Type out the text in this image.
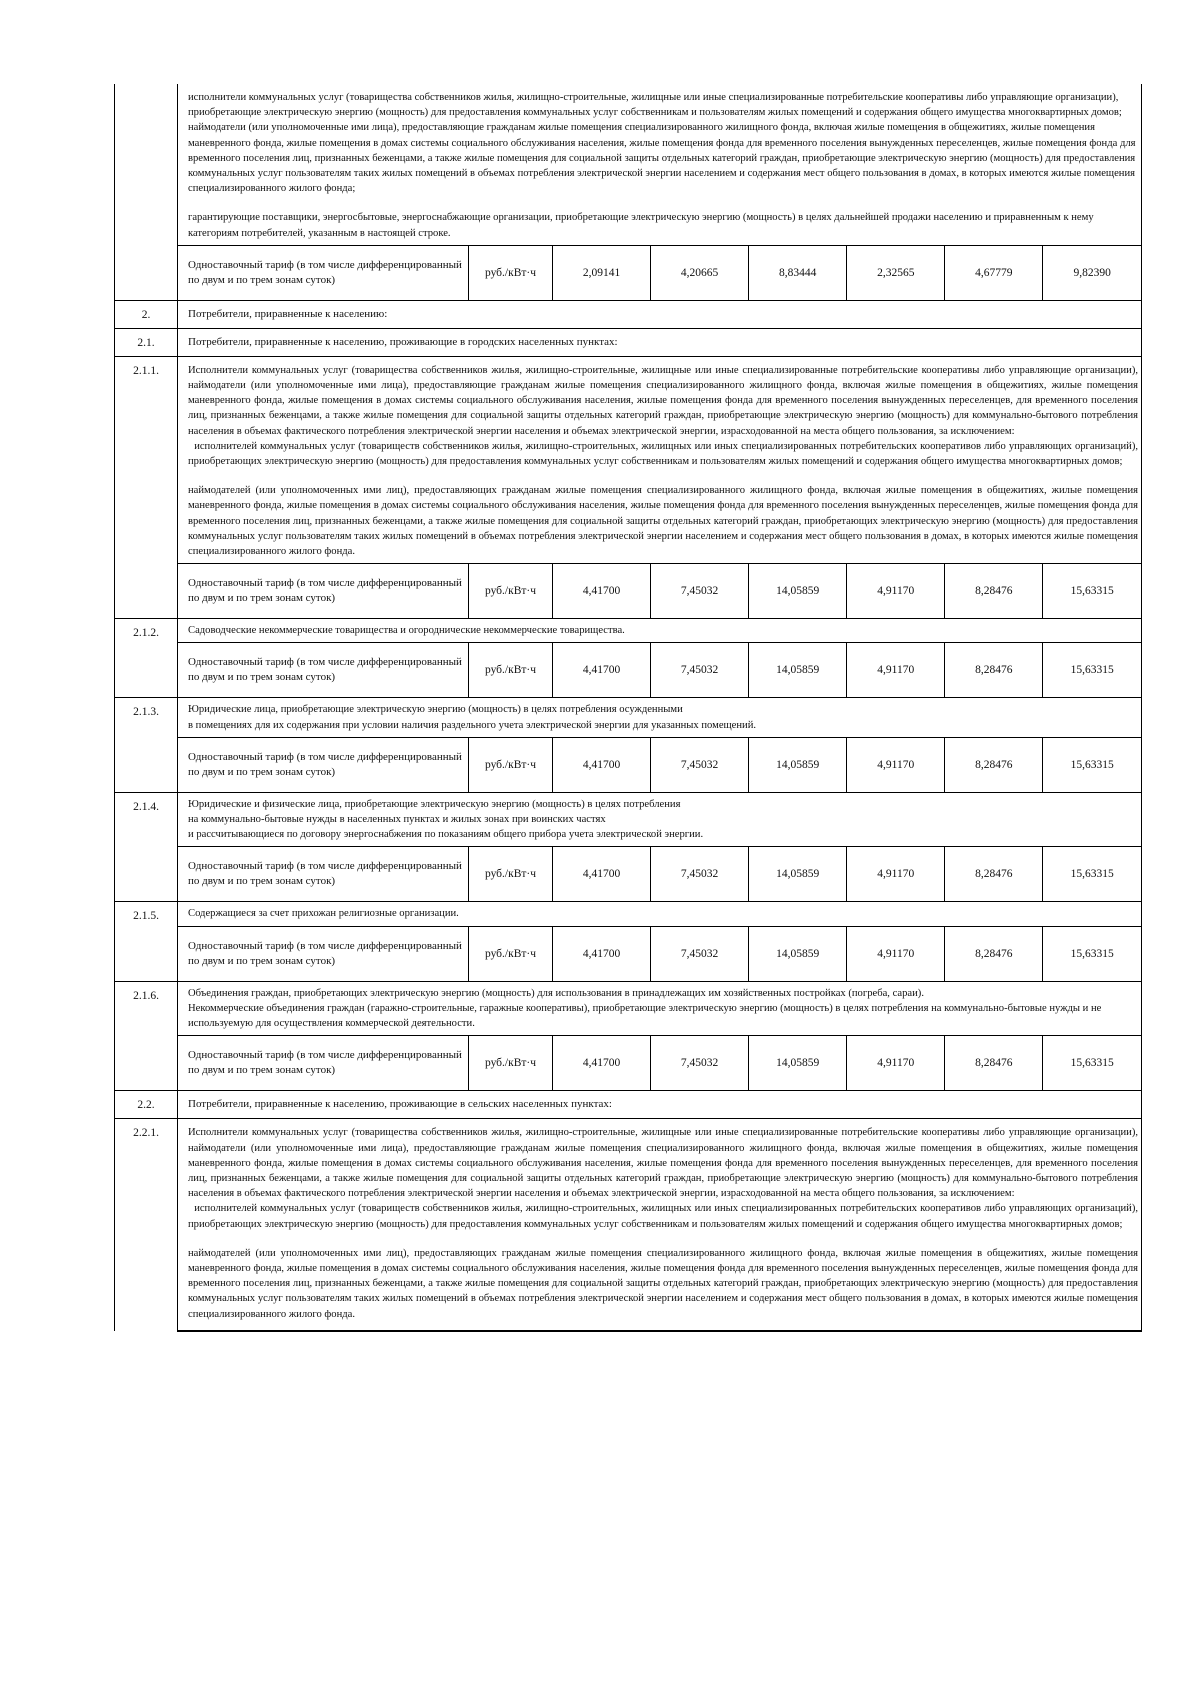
исполнители коммунальных услуг (товарищества собственников жилья, жилищно-строительные, жилищные или иные специализированные потребительские кооперативы либо управляющие организации), приобретающие электрическую энергию (мощность) для предоставления коммунальных услуг собственникам и пользователям жилых помещений и содержания общего имущества многоквартирных домов;

наймодатели (или уполномоченные ими лица), предоставляющие гражданам жилые помещения специализированного жилищного фонда, включая жилые помещения в общежитиях, жилые помещения маневренного фонда, жилые помещения в домах системы социального обслуживания населения, жилые помещения фонда для временного поселения вынужденных переселенцев, жилые помещения фонда для временного поселения лиц, признанных беженцами, а также жилые помещения для социальной защиты отдельных категорий граждан, приобретающие электрическую энергию (мощность) для предоставления коммунальных услуг пользователям таких жилых помещений в объемах потребления электрической энергии населением и содержания мест общего пользования в домах, в которых имеются жилые помещения специализированного жилого фонда;

гарантирующие поставщики, энергосбытовые, энергоснабжающие организации, приобретающие электрическую энергию (мощность) в целях дальнейшей продажи населению и приравненным к нему категориям потребителей, указанным в настоящей строке.

Одноставочный тариф (в том числе дифференцированный по двум и по трем зонам суток)	руб./кВт·ч	2,09141	4,20665	8,83444	2,32565	4,67779	9,82390

2.	Потребители, приравненные к населению:

2.1.	Потребители, приравненные к населению, проживающие в городских населенных пунктах:

2.1.1.	Исполнители коммунальных услуг (товарищества собственников жилья, жилищно-строительные, жилищные или иные специализированные потребительские кооперативы либо управляющие организации), наймодатели (или уполномоченные ими лица), предоставляющие гражданам жилые помещения специализированного жилищного фонда, включая жилые помещения в общежитиях, жилые помещения маневренного фонда, жилые помещения в домах системы социального обслуживания населения, жилые помещения фонда для временного поселения вынужденных переселенцев, для временного поселения лиц, признанных беженцами, а также жилые помещения для социальной защиты отдельных категорий граждан, приобретающие электрическую энергию (мощность) для коммунально-бытового потребления населения в объемах фактического потребления электрической энергии населения и объемах электрической энергии, израсходованной на места общего пользования, за исключением:

исполнителей коммунальных услуг (товариществ собственников жилья, жилищно-строительных, жилищных или иных специализированных потребительских кооперативов либо управляющих организаций), приобретающих электрическую энергию (мощность) для предоставления коммунальных услуг собственникам и пользователям жилых помещений и содержания общего имущества многоквартирных домов;

наймодателей (или уполномоченных ими лиц), предоставляющих гражданам жилые помещения специализированного жилищного фонда, включая жилые помещения в общежитиях, жилые помещения маневренного фонда, жилые помещения в домах системы социального обслуживания населения, жилые помещения фонда для временного поселения вынужденных переселенцев, жилые помещения фонда для временного поселения лиц, признанных беженцами, а также жилые помещения для социальной защиты отдельных категорий граждан, приобретающих электрическую энергию (мощность) для предоставления коммунальных услуг пользователям таких жилых помещений в объемах потребления электрической энергии населением и содержания мест общего пользования в домах, в которых имеются жилые помещения специализированного жилого фонда.

Одноставочный тариф (в том числе дифференцированный по двум и по трем зонам суток)	руб./кВт·ч	4,41700	7,45032	14,05859	4,91170	8,28476	15,63315

2.1.2.	Садоводческие некоммерческие товарищества и огороднические некоммерческие товарищества.

Одноставочный тариф (в том числе дифференцированный по двум и по трем зонам суток)	руб./кВт·ч	4,41700	7,45032	14,05859	4,91170	8,28476	15,63315

2.1.3.	Юридические лица, приобретающие электрическую энергию (мощность) в целях потребления осужденными

в помещениях для их содержания при условии наличия раздельного учета электрической энергии для указанных помещений.

Одноставочный тариф (в том числе дифференцированный по двум и по трем зонам суток)	руб./кВт·ч	4,41700	7,45032	14,05859	4,91170	8,28476	15,63315

2.1.4.	Юридические и физические лица, приобретающие электрическую энергию (мощность) в целях потребления

на коммунально-бытовые нужды в населенных пунктах и жилых зонах при воинских частях

и рассчитывающиеся по договору энергоснабжения по показаниям общего прибора учета электрической энергии.

Одноставочный тариф (в том числе дифференцированный по двум и по трем зонам суток)	руб./кВт·ч	4,41700	7,45032	14,05859	4,91170	8,28476	15,63315

2.1.5.	Содержащиеся за счет прихожан религиозные организации.

Одноставочный тариф (в том числе дифференцированный по двум и по трем зонам суток)	руб./кВт·ч	4,41700	7,45032	14,05859	4,91170	8,28476	15,63315

2.1.6.	Объединения граждан, приобретающих электрическую энергию (мощность) для использования в принадлежащих им хозяйственных постройках (погреба, сараи).

Некоммерческие объединения граждан (гаражно-строительные, гаражные кооперативы), приобретающие электрическую энергию (мощность) в целях потребления на коммунально-бытовые нужды и не используемую для осуществления коммерческой деятельности.

Одноставочный тариф (в том числе дифференцированный по двум и по трем зонам суток)	руб./кВт·ч	4,41700	7,45032	14,05859	4,91170	8,28476	15,63315

2.2.	Потребители, приравненные к населению, проживающие в сельских населенных пунктах:

2.2.1.	Исполнители коммунальных услуг (товарищества собственников жилья, жилищно-строительные, жилищные или иные специализированные потребительские кооперативы либо управляющие организации), наймодатели (или уполномоченные ими лица), предоставляющие гражданам жилые помещения специализированного жилищного фонда, включая жилые помещения в общежитиях, жилые помещения маневренного фонда, жилые помещения в домах системы социального обслуживания населения, жилые помещения фонда для временного поселения вынужденных переселенцев, для временного поселения лиц, признанных беженцами, а также жилые помещения для социальной защиты отдельных категорий граждан, приобретающие электрическую энергию (мощность) для коммунально-бытового потребления населения в объемах фактического потребления электрической энергии населения и объемах электрической энергии, израсходованной на места общего пользования, за исключением:

исполнителей коммунальных услуг (товариществ собственников жилья, жилищно-строительных, жилищных или иных специализированных потребительских кооперативов либо управляющих организаций), приобретающих электрическую энергию (мощность) для предоставления коммунальных услуг собственникам и пользователям жилых помещений и содержания общего имущества многоквартирных домов;

наймодателей (или уполномоченных ими лиц), предоставляющих гражданам жилые помещения специализированного жилищного фонда, включая жилые помещения в общежитиях, жилые помещения маневренного фонда, жилые помещения в домах системы социального обслуживания населения, жилые помещения фонда для временного поселения вынужденных переселенцев, жилые помещения фонда для временного поселения лиц, признанных беженцами, а также жилые помещения для социальной защиты отдельных категорий граждан, приобретающих электрическую энергию (мощность) для предоставления коммунальных услуг пользователям таких жилых помещений в объемах потребления электрической энергии населением и содержания мест общего пользования в домах, в которых имеются жилые помещения специализированного жилого фонда.
